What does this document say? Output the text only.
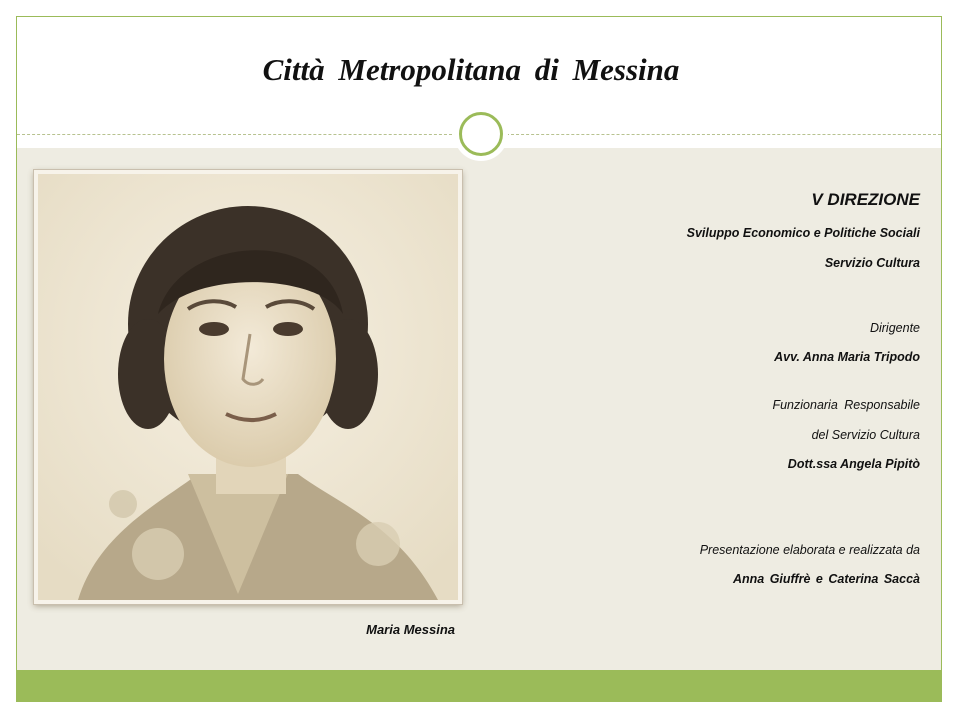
Città Metropolitana di Messina
Maria Messina
V DIREZIONE
Sviluppo Economico e Politiche Sociali
Servizio Cultura
Dirigente
Avv. Anna Maria Tripodo
Funzionaria Responsabile
del Servizio Cultura
Dott.ssa Angela Pipitò
Presentazione elaborata e realizzata da
Anna Giuffrè e Caterina Saccà
